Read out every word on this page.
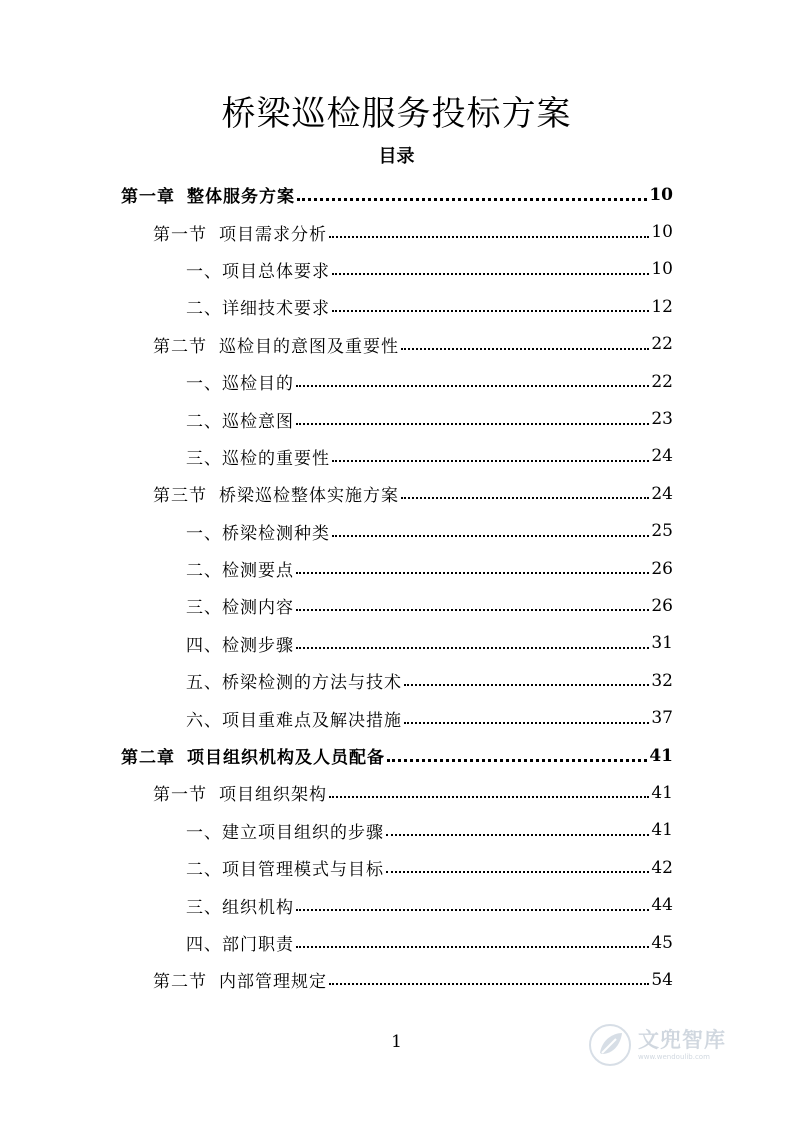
桥梁巡检服务投标方案
目录
第一章 整体服务方案	10
第一节 项目需求分析	10
一、项目总体要求	10
二、详细技术要求	12
第二节 巡检目的意图及重要性	22
一、巡检目的	22
二、巡检意图	23
三、巡检的重要性	24
第三节 桥梁巡检整体实施方案	24
一、桥梁检测种类	25
二、检测要点	26
三、检测内容	26
四、检测步骤	31
五、桥梁检测的方法与技术	32
六、项目重难点及解决措施	37
第二章 项目组织机构及人员配备	41
第一节 项目组织架构	41
一、建立项目组织的步骤	41
二、项目管理模式与目标	42
三、组织机构	44
四、部门职责	45
第二节 内部管理规定	54
1	文兜智库
www.wendoulib.com
